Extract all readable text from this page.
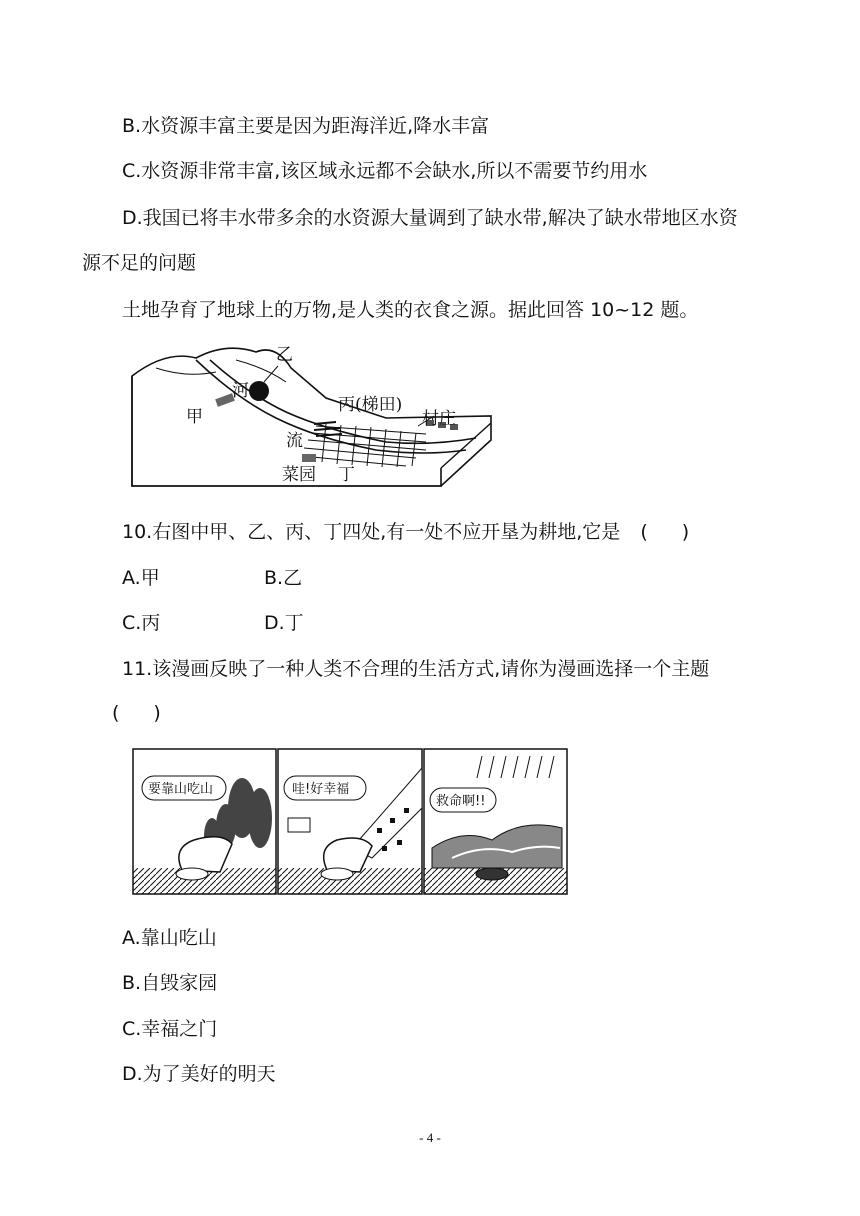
B.水资源丰富主要是因为距海洋近,降水丰富
C.水资源非常丰富,该区域永远都不会缺水,所以不需要节约用水
D.我国已将丰水带多余的水资源大量调到了缺水带,解决了缺水带地区水资
源不足的问题
土地孕育了地球上的万物,是人类的衣食之源。据此回答 10~12 题。
乙
河
甲
丙(梯田)
村庄
流
菜园 丁
10.右图中甲、乙、丙、丁四处,有一处不应开垦为耕地,它是 ( )
A.甲	B.乙
C.丙	D.丁
11.该漫画反映了一种人类不合理的生活方式,请你为漫画选择一个主题
( )
要靠山吃山	哇!好幸福
救命啊!!
A.靠山吃山
B.自毁家园
C.幸福之门
D.为了美好的明天
- 4 -
